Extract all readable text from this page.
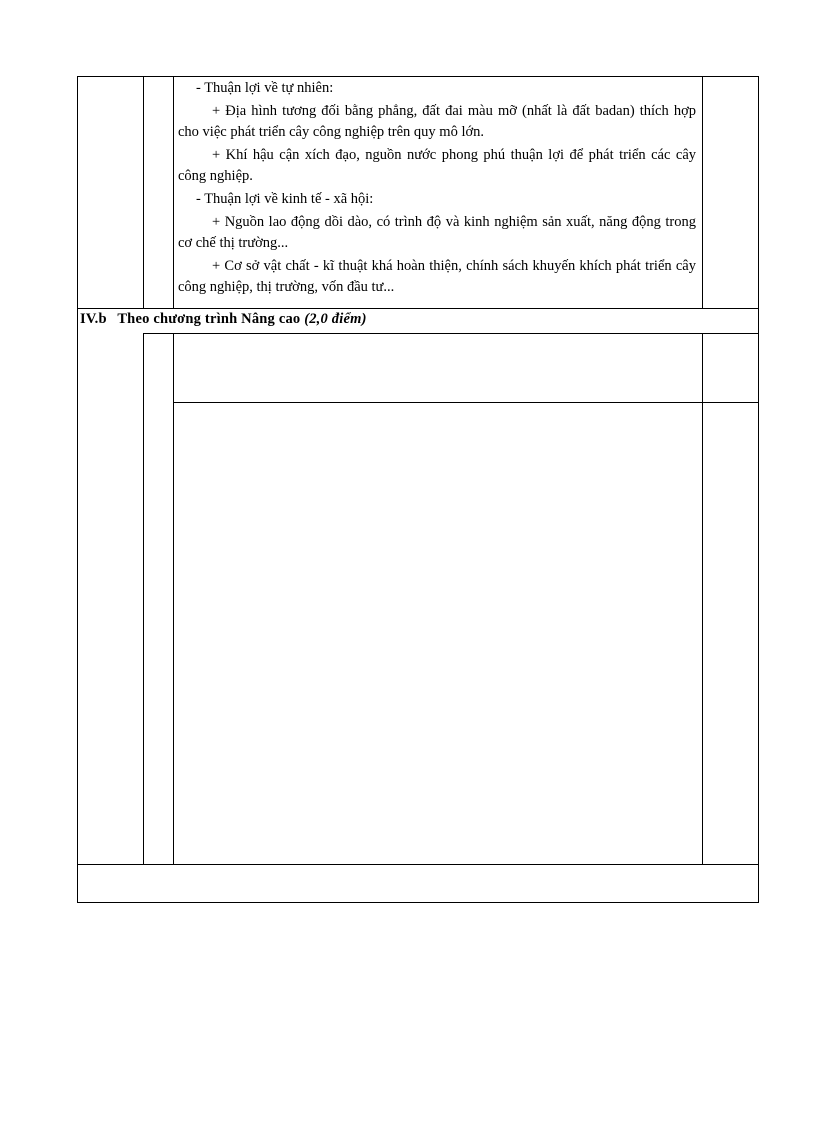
IV.b Theo chương trình Nâng cao (2,0 điểm)

- Thuận lợi về tự nhiên:

+ Địa hình tương đối bằng phẳng, đất đai màu mỡ (nhất là đất badan) thích hợp cho việc phát triển cây công nghiệp trên quy mô lớn.

+ Khí hậu cận xích đạo, nguồn nước phong phú thuận lợi để phát triển các cây công nghiệp.

- Thuận lợi về kinh tế - xã hội:

+ Nguồn lao động dồi dào, có trình độ và kinh nghiệm sản xuất, năng động trong cơ chế thị trường...

+ Cơ sở vật chất - kĩ thuật khá hoàn thiện, chính sách khuyến khích phát triển cây công nghiệp, thị trường, vốn đầu tư...
